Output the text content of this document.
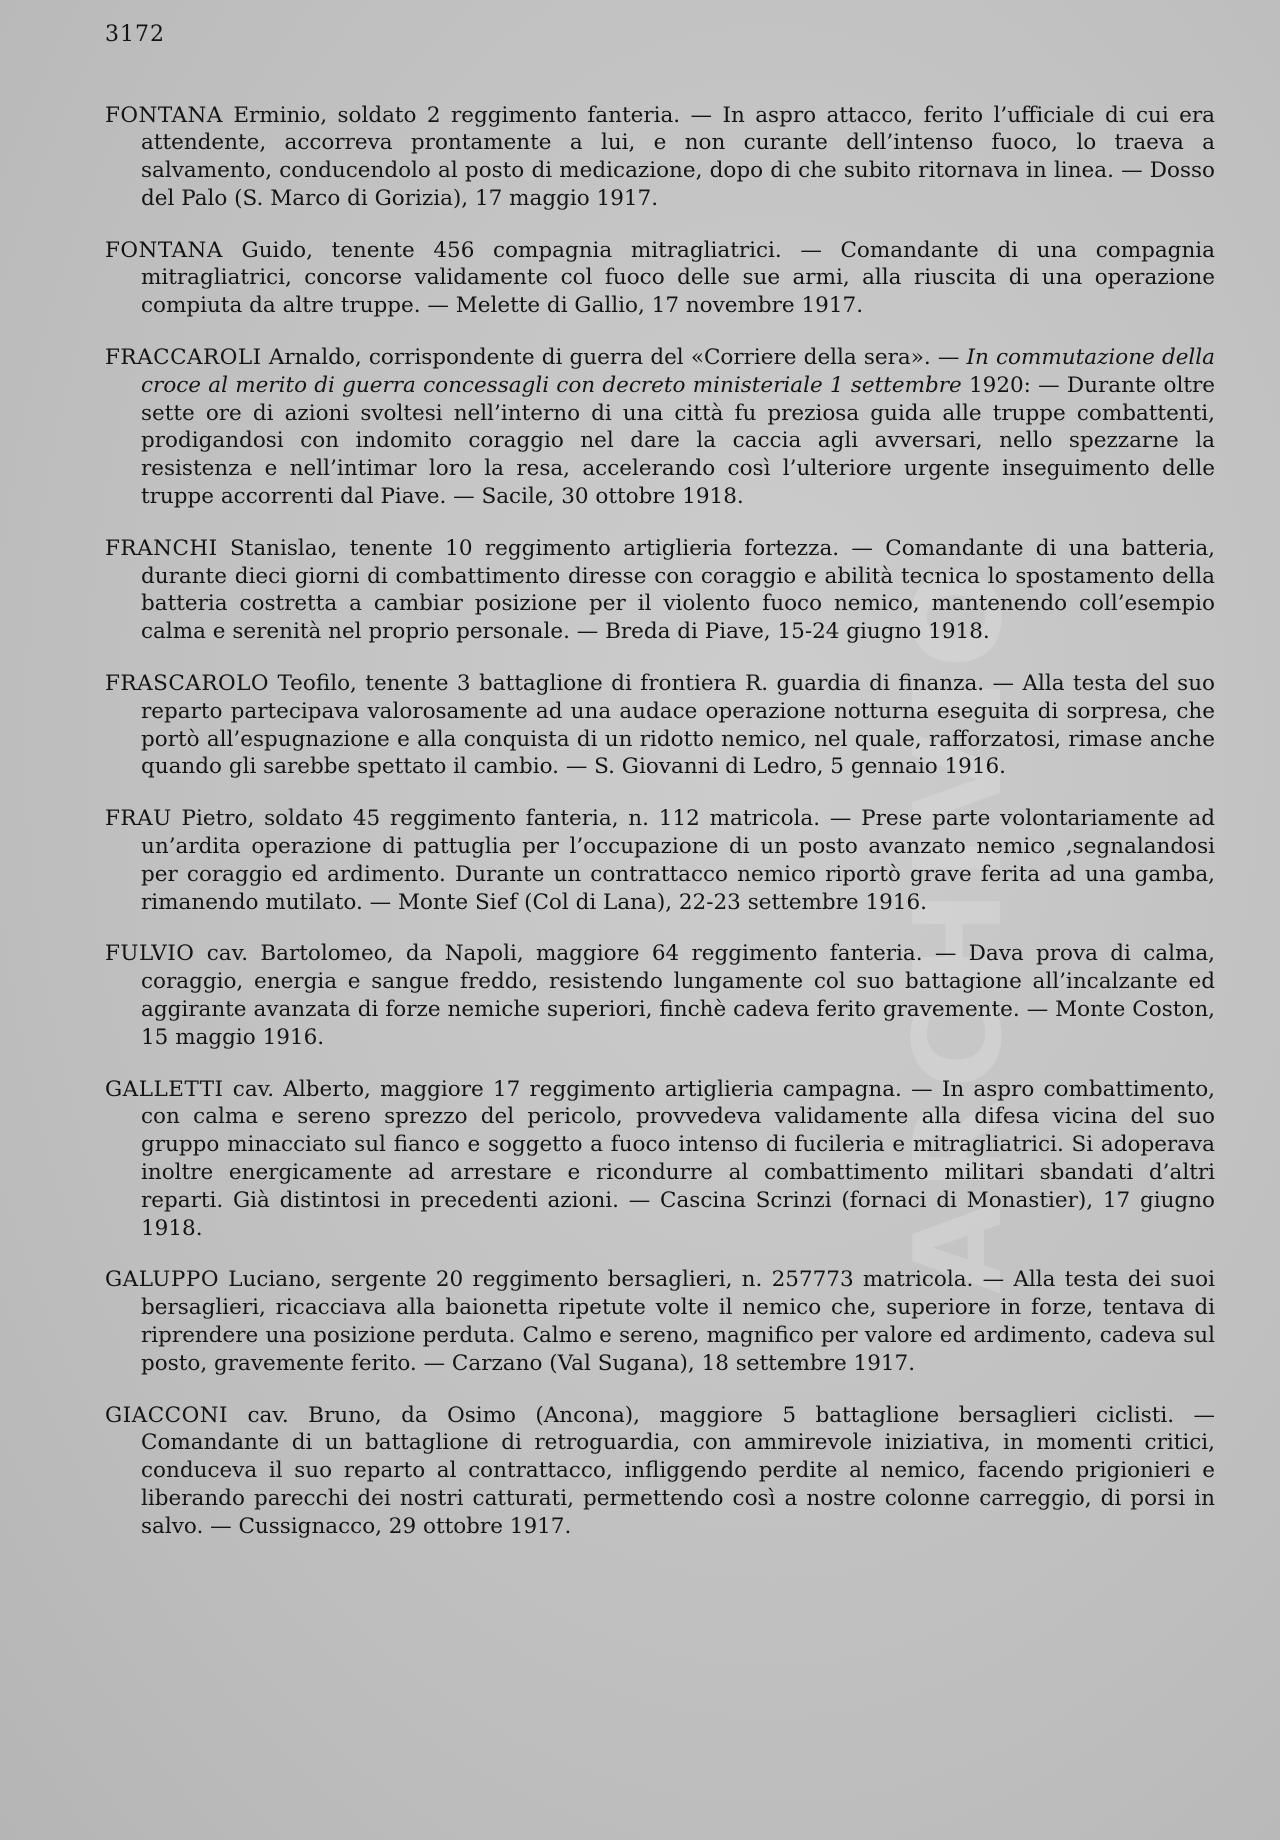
3172
ARCHIVIO

FONTANA Erminio, soldato 2 reggimento fanteria. — In aspro attacco, ferito l’ufficiale di cui era attendente, accorreva prontamente a lui, e non curante dell’intenso fuoco, lo traeva a salvamento, conducendolo al posto di medicazione, dopo di che subito ritornava in linea. — Dosso del Palo (S. Marco di Gorizia), 17 maggio 1917.

FONTANA Guido, tenente 456 compagnia mitragliatrici. — Comandante di una compagnia mitragliatrici, concorse validamente col fuoco delle sue armi, alla riuscita di una operazione compiuta da altre truppe. — Melette di Gallio, 17 novembre 1917.

FRACCAROLI Arnaldo, corrispondente di guerra del «Corriere della sera». — In commutazione della croce al merito di guerra concessagli con decreto ministeriale 1 settembre 1920: — Durante oltre sette ore di azioni svoltesi nell’interno di una città fu preziosa guida alle truppe combattenti, prodigandosi con indomito coraggio nel dare la caccia agli avversari, nello spezzarne la resistenza e nell’intimar loro la resa, accelerando così l’ulteriore urgente inseguimento delle truppe accorrenti dal Piave. — Sacile, 30 ottobre 1918.

FRANCHI Stanislao, tenente 10 reggimento artiglieria fortezza. — Comandante di una batteria, durante dieci giorni di combattimento diresse con coraggio e abilità tecnica lo spostamento della batteria costretta a cambiar posizione per il violento fuoco nemico, mantenendo coll’esempio calma e serenità nel proprio personale. — Breda di Piave, 15-24 giugno 1918.

FRASCAROLO Teofilo, tenente 3 battaglione di frontiera R. guardia di finanza. — Alla testa del suo reparto partecipava valorosamente ad una audace operazione notturna eseguita di sorpresa, che portò all’espugnazione e alla conquista di un ridotto nemico, nel quale, rafforzatosi, rimase anche quando gli sarebbe spettato il cambio. — S. Giovanni di Ledro, 5 gennaio 1916.

FRAU Pietro, soldato 45 reggimento fanteria, n. 112 matricola. — Prese parte volontariamente ad un’ardita operazione di pattuglia per l’occupazione di un posto avanzato nemico ,segnalandosi per coraggio ed ardimento. Durante un contrattacco nemico riportò grave ferita ad una gamba, rimanendo mutilato. — Monte Sief (Col di Lana), 22-23 settembre 1916.

FULVIO cav. Bartolomeo, da Napoli, maggiore 64 reggimento fanteria. — Dava prova di calma, coraggio, energia e sangue freddo, resistendo lungamente col suo battagione all’incalzante ed aggirante avanzata di forze nemiche superiori, finchè cadeva ferito gravemente. — Monte Coston, 15 maggio 1916.

GALLETTI cav. Alberto, maggiore 17 reggimento artiglieria campagna. — In aspro combattimento, con calma e sereno sprezzo del pericolo, provvedeva validamente alla difesa vicina del suo gruppo minacciato sul fianco e soggetto a fuoco intenso di fucileria e mitragliatrici. Si adoperava inoltre energicamente ad arrestare e ricondurre al combattimento militari sbandati d’altri reparti. Già distintosi in precedenti azioni. — Cascina Scrinzi (fornaci di Monastier), 17 giugno 1918.

GALUPPO Luciano, sergente 20 reggimento bersaglieri, n. 257773 matricola. — Alla testa dei suoi bersaglieri, ricacciava alla baionetta ripetute volte il nemico che, superiore in forze, tentava di riprendere una posizione perduta. Calmo e sereno, magnifico per valore ed ardimento, cadeva sul posto, gravemente ferito. — Carzano (Val Sugana), 18 settembre 1917.

GIACCONI cav. Bruno, da Osimo (Ancona), maggiore 5 battaglione bersaglieri ciclisti. — Comandante di un battaglione di retroguardia, con ammirevole iniziativa, in momenti critici, conduceva il suo reparto al contrattacco, infliggendo perdite al nemico, facendo prigionieri e liberando parecchi dei nostri catturati, permettendo così a nostre colonne carreggio, di porsi in salvo. — Cussignacco, 29 ottobre 1917.
